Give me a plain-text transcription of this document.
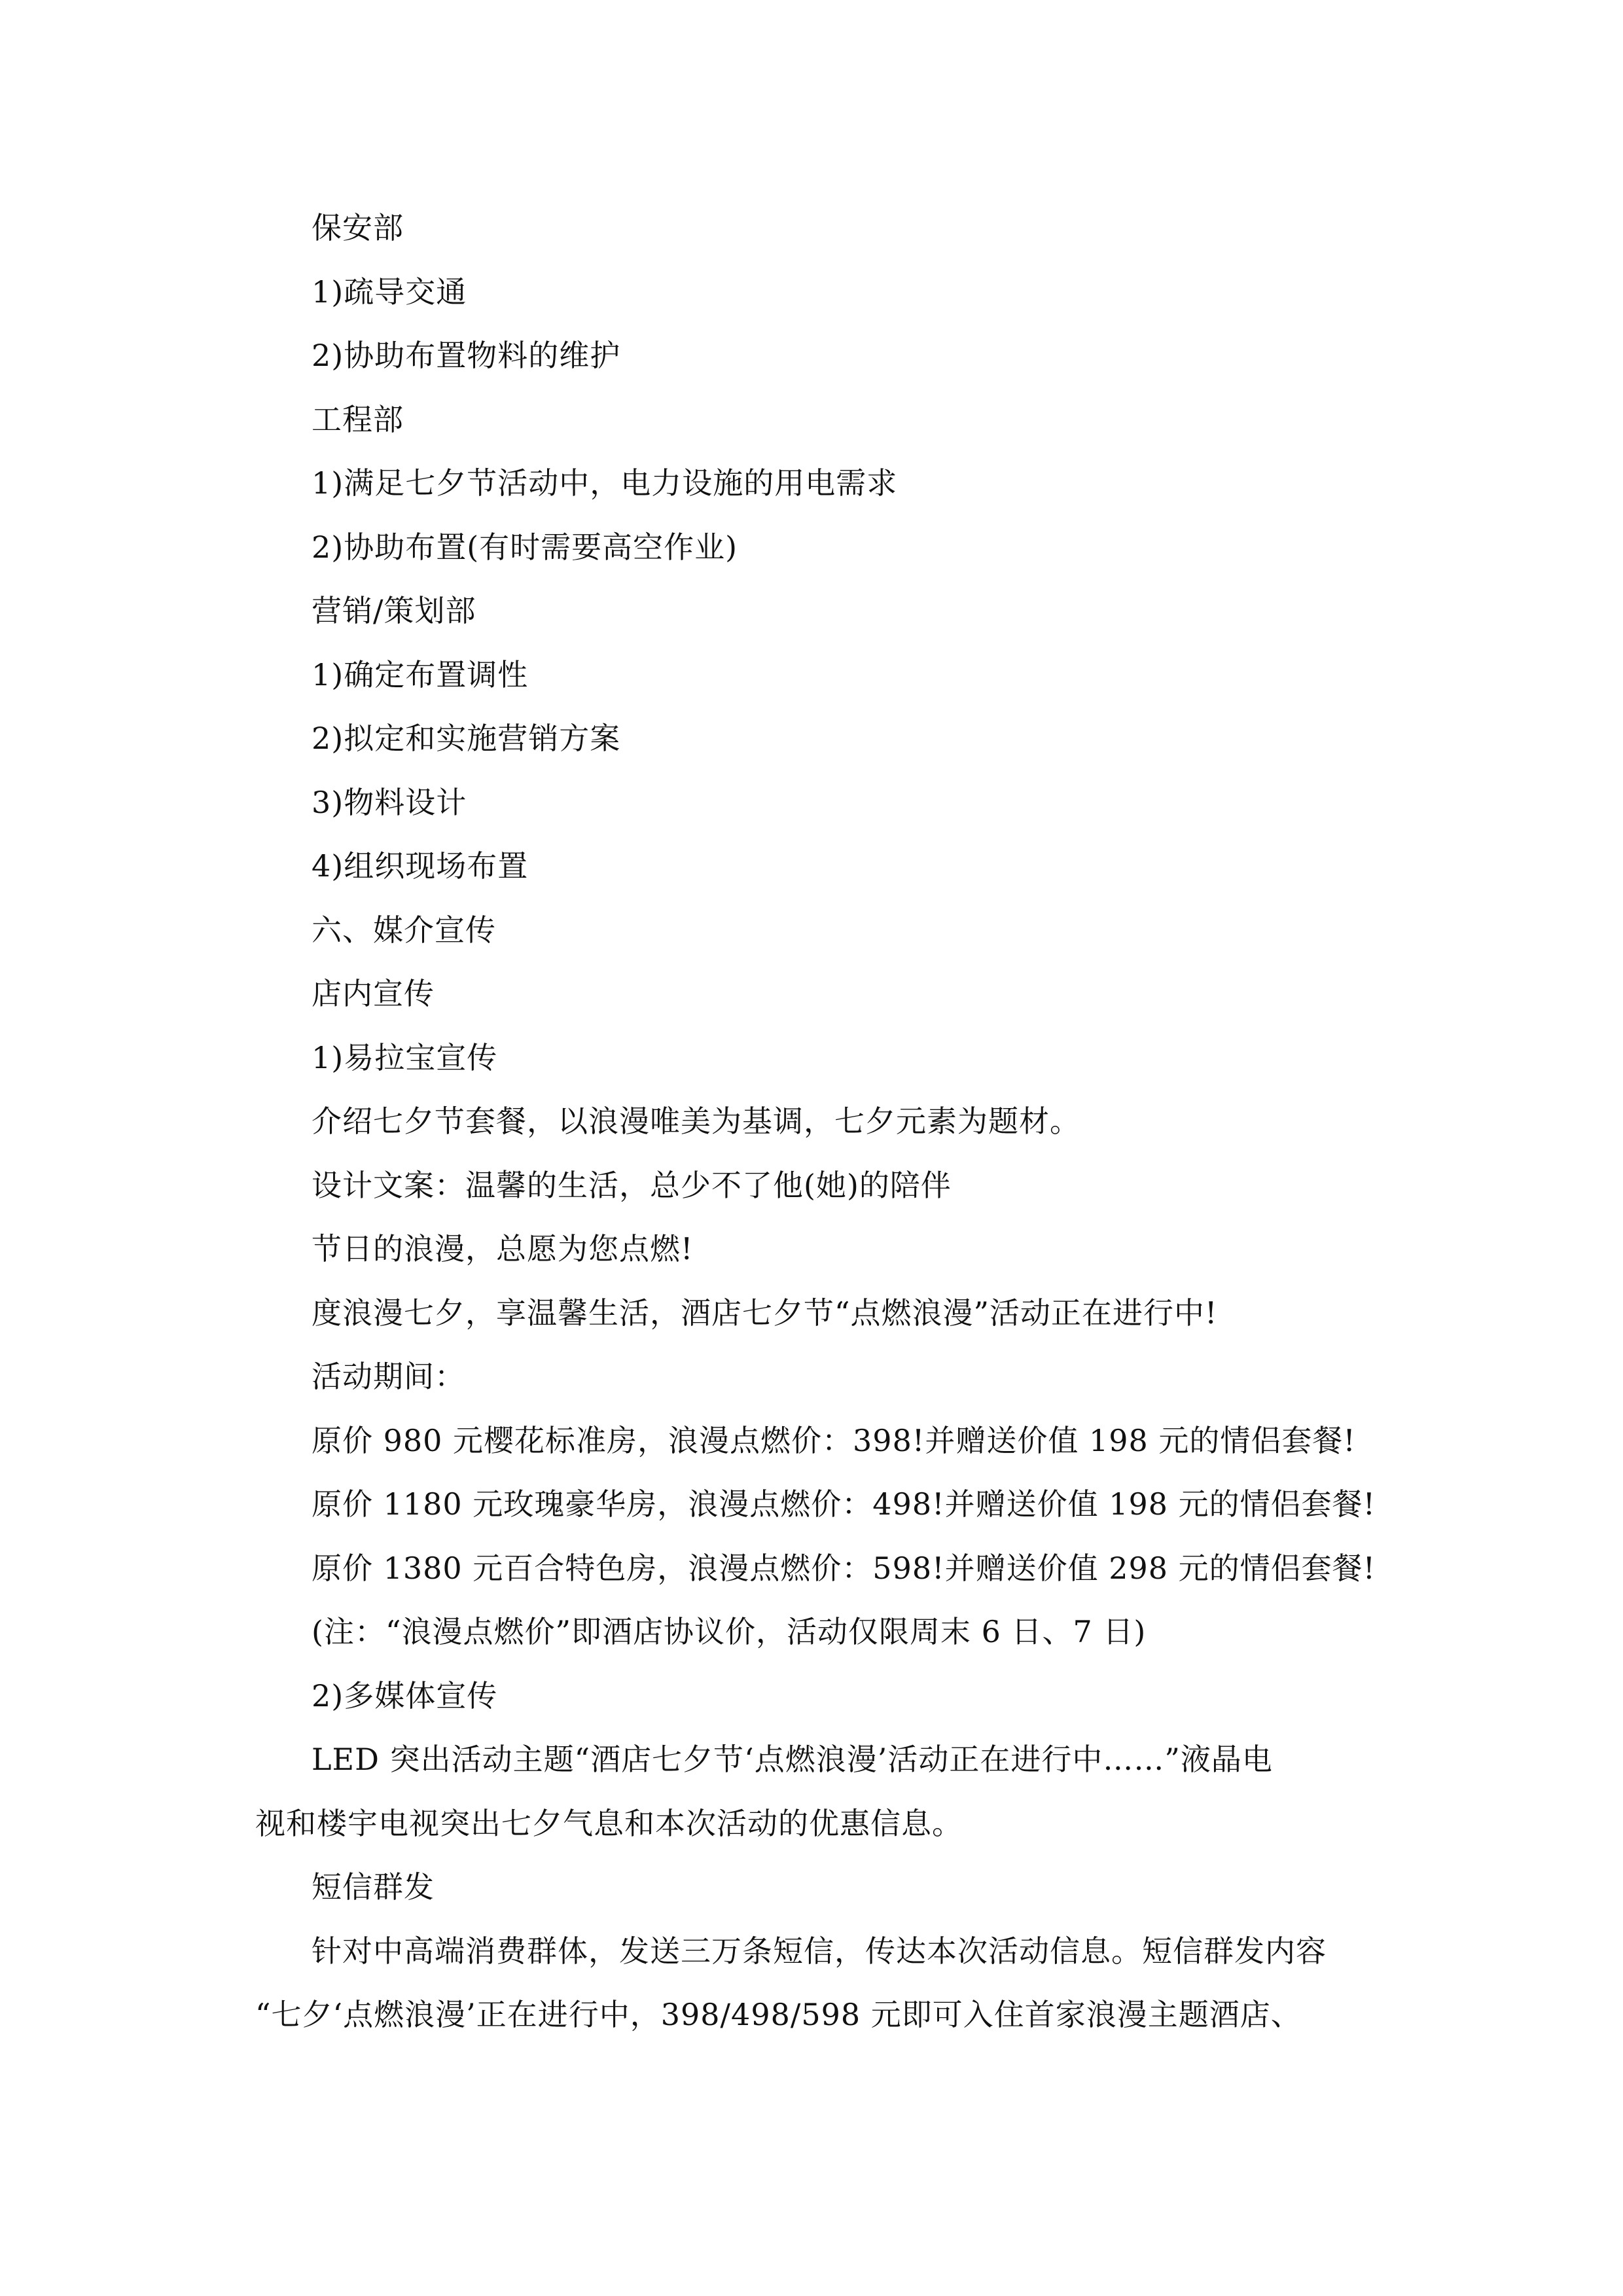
保安部
1)疏导交通
2)协助布置物料的维护
工程部
1)满足七夕节活动中，电力设施的用电需求
2)协助布置(有时需要高空作业)
营销/策划部
1)确定布置调性
2)拟定和实施营销方案
3)物料设计
4)组织现场布置
六、媒介宣传
店内宣传
1)易拉宝宣传
介绍七夕节套餐，以浪漫唯美为基调，七夕元素为题材。
设计文案：温馨的生活，总少不了他(她)的陪伴
节日的浪漫，总愿为您点燃!
度浪漫七夕，享温馨生活，酒店七夕节“点燃浪漫”活动正在进行中!
活动期间：
原价 980 元樱花标准房，浪漫点燃价：398!并赠送价值 198 元的情侣套餐!
原价 1180 元玫瑰豪华房，浪漫点燃价：498!并赠送价值 198 元的情侣套餐!
原价 1380 元百合特色房，浪漫点燃价：598!并赠送价值 298 元的情侣套餐!
(注：“浪漫点燃价”即酒店协议价，活动仅限周末 6 日、7 日)
2)多媒体宣传
LED 突出活动主题“酒店七夕节‘点燃浪漫’活动正在进行中……”液晶电
视和楼宇电视突出七夕气息和本次活动的优惠信息。
短信群发
针对中高端消费群体，发送三万条短信，传达本次活动信息。短信群发内容
“七夕‘点燃浪漫’正在进行中，398/498/598 元即可入住首家浪漫主题酒店、
